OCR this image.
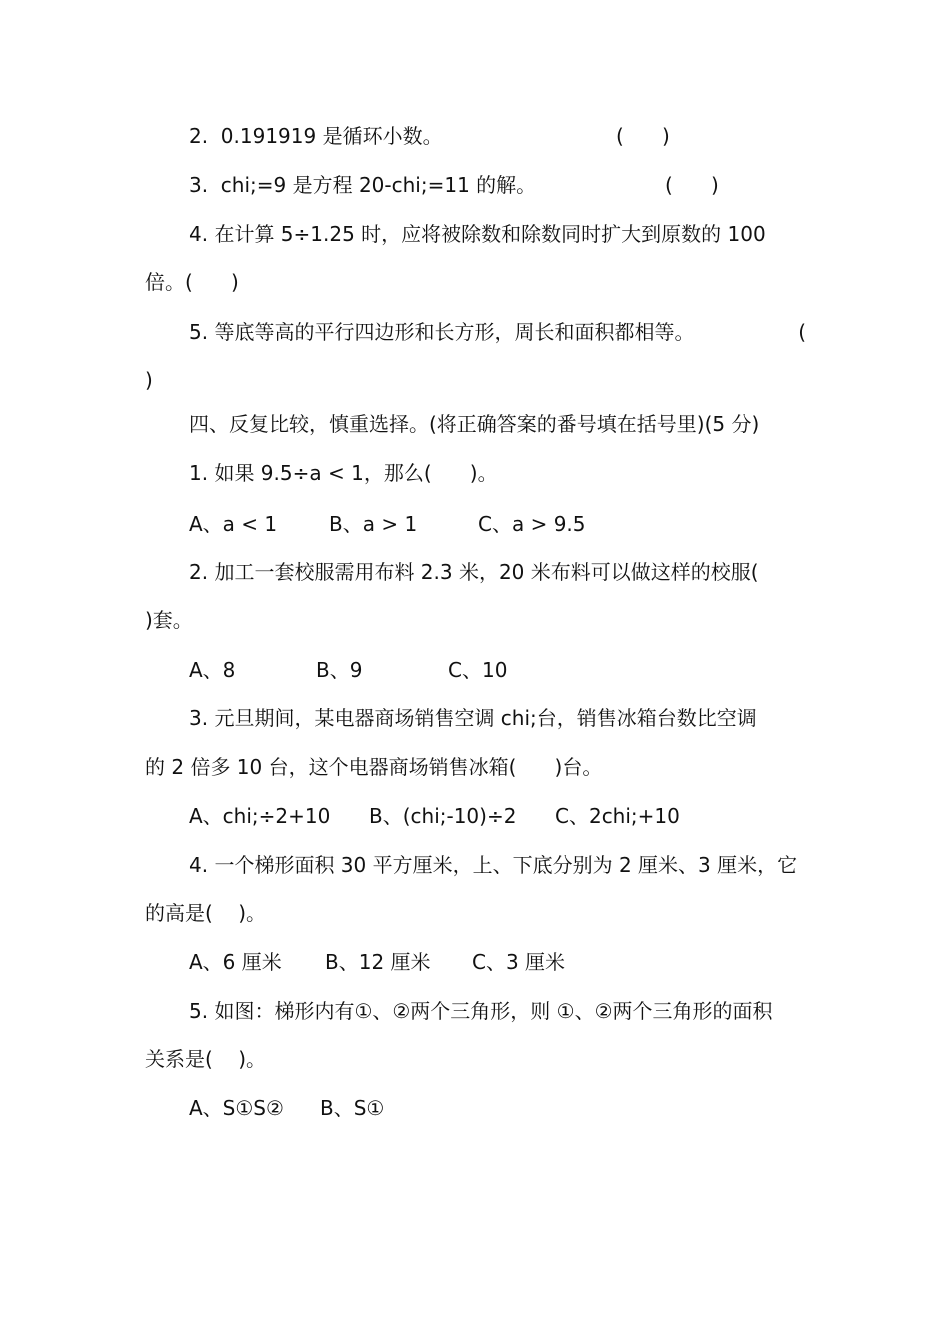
2.  0.191919 是循环小数。	(      )
3.  chi;=9 是方程 20-chi;=11 的解。	(      )
4. 在计算 5÷1.25 时，应将被除数和除数同时扩大到原数的 100
倍。(      )
5. 等底等高的平行四边形和长方形，周长和面积都相等。	(
)
四、反复比较，慎重选择。(将正确答案的番号填在括号里)(5 分)
1. 如果 9.5÷a < 1，那么(      )。
A、a < 1	B、a > 1	C、a > 9.5
2. 加工一套校服需用布料 2.3 米，20 米布料可以做这样的校服(
)套。
A、8	B、9	C、10
3. 元旦期间，某电器商场销售空调 chi;台，销售冰箱台数比空调
的 2 倍多 10 台，这个电器商场销售冰箱(      )台。
A、chi;÷2+10 B、(chi;-10)÷2 C、2chi;+10
4. 一个梯形面积 30 平方厘米，上、下底分别为 2 厘米、3 厘米，它
的高是(    )。
A、6 厘米 B、12 厘米 C、3 厘米
5. 如图：梯形内有①、②两个三角形，则 ①、②两个三角形的面积
关系是(    )。
A、S①S② B、S①
